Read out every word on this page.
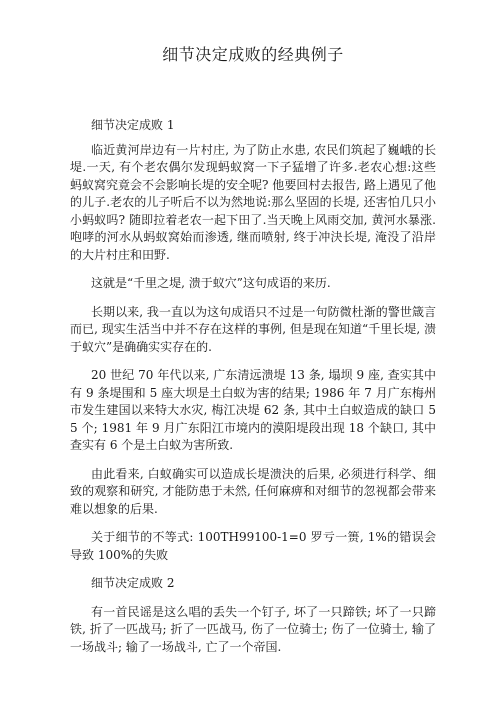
细节决定成败的经典例子
细节决定成败 1

临近黄河岸边有一片村庄, 为了防止水患, 农民们筑起了巍峨的长堤.一天, 有个老农偶尔发现蚂蚁窝一下子猛增了许多.老农心想:这些蚂蚁窝究竟会不会影响长堤的安全呢? 他要回村去报告, 路上遇见了他的儿子.老农的儿子听后不以为然地说:那么坚固的长堤, 还害怕几只小小蚂蚁吗? 随即拉着老农一起下田了.当天晚上风雨交加, 黄河水暴涨.咆哮的河水从蚂蚁窝始而渗透, 继而喷射, 终于冲決长堤, 淹没了沿岸的大片村庄和田野.

这就是“千里之堤, 溃于蚁穴”这句成语的来历.

长期以来, 我一直以为这句成语只不过是一句防微杜渐的警世箴言而已, 现实生活当中并不存在这样的事例, 但是现在知道“千里长堤, 溃于蚁穴”是确确实实存在的.

20 世纪 70 年代以来, 广东清远溃堤 13 条, 塌坝 9 座, 查实其中有 9 条堤围和 5 座大坝是土白蚁为害的结果; 1986 年 7 月广东梅州市发生建国以来特大水灾, 梅江决堤 62 条, 其中土白蚁造成的缺口 55 个; 1981 年 9 月广东阳江市境内的漠阳堤段出现 18 个缺口, 其中查实有 6 个是土白蚁为害所致.

由此看来, 白蚁确实可以造成长堤溃決的后果, 必须进行科学、细致的观察和研究, 才能防患于未然, 任何麻痹和对细节的忽视都会带来难以想象的后果.

关于细节的不等式: 100TH99100-1=0 罗亏一篑, 1%的错误会导致 100%的失败

细节决定成败 2

有一首民谣是这么唱的丢失一个钉子, 坏了一只蹄铁; 坏了一只蹄铁, 折了一匹战马; 折了一匹战马, 伤了一位骑士; 伤了一位骑士, 输了一场战斗; 输了一场战斗, 亡了一个帝国.
